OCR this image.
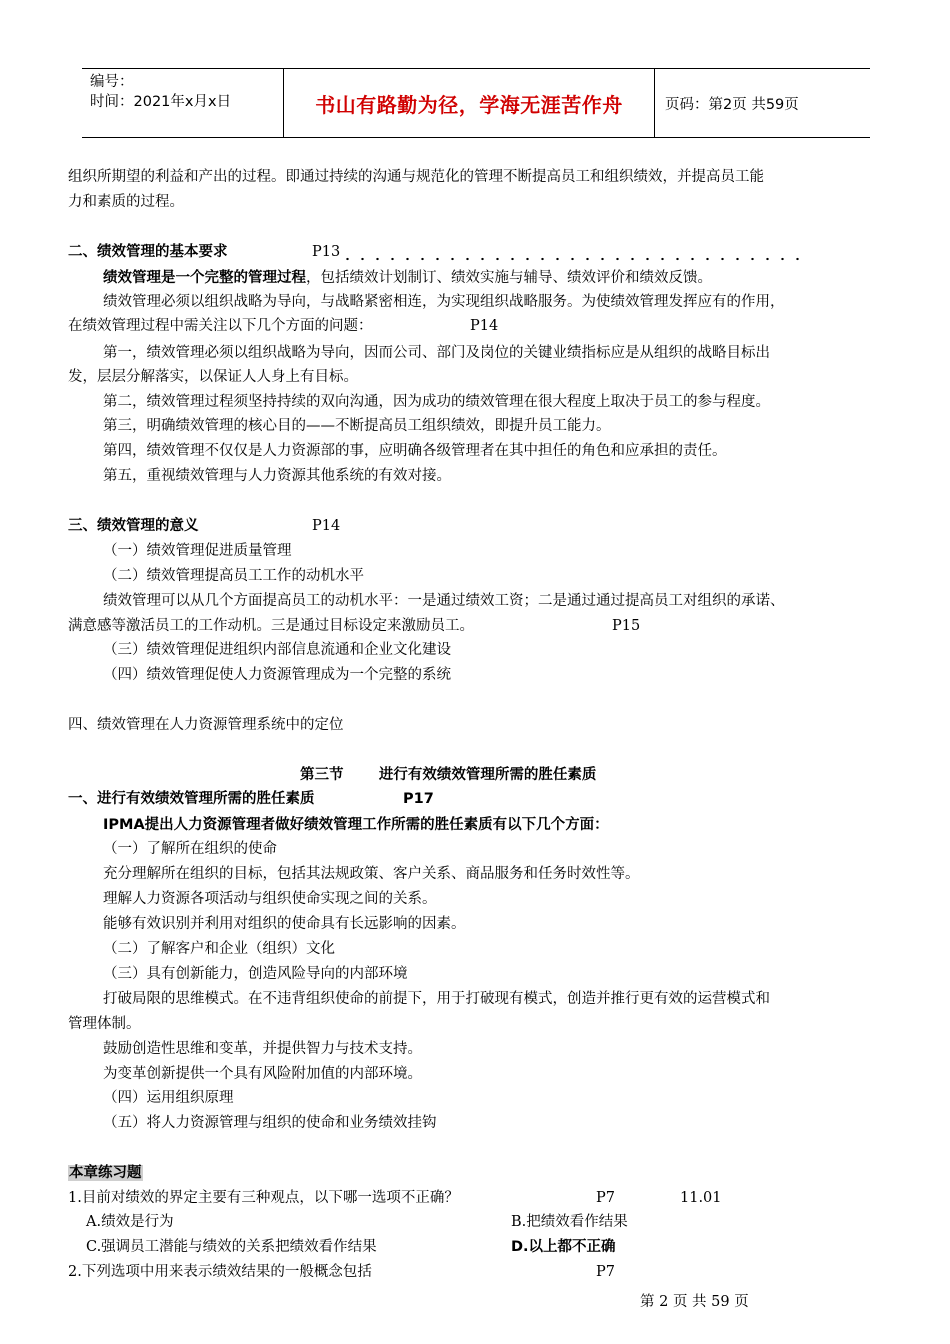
编号：
时间：2021年x月x日	书山有路勤为径，学海无涯苦作舟	页码：第2页 共59页
组织所期望的利益和产出的过程。即通过持续的沟通与规范化的管理不断提高员工和组织绩效，并提高员工能
力和素质的过程。
二、绩效管理的基本要求	P13
绩效管理是一个完整的管理过程，包括绩效计划制订、绩效实施与辅导、绩效评价和绩效反馈。
绩效管理必须以组织战略为导向，与战略紧密相连，为实现组织战略服务。为使绩效管理发挥应有的作用，
在绩效管理过程中需关注以下几个方面的问题：	P14
第一，绩效管理必须以组织战略为导向，因而公司、部门及岗位的关键业绩指标应是从组织的战略目标出
发，层层分解落实，以保证人人身上有目标。
第二，绩效管理过程须坚持持续的双向沟通，因为成功的绩效管理在很大程度上取决于员工的参与程度。
第三，明确绩效管理的核心目的——不断提高员工组织绩效，即提升员工能力。
第四，绩效管理不仅仅是人力资源部的事，应明确各级管理者在其中担任的角色和应承担的责任。
第五，重视绩效管理与人力资源其他系统的有效对接。
三、绩效管理的意义	P14
（一）绩效管理促进质量管理
（二）绩效管理提高员工工作的动机水平
绩效管理可以从几个方面提高员工的动机水平：一是通过绩效工资；二是通过通过提高员工对组织的承诺、
满意感等激活员工的工作动机。三是通过目标设定来激励员工。	P15
（三）绩效管理促进组织内部信息流通和企业文化建设
（四）绩效管理促使人力资源管理成为一个完整的系统
四、绩效管理在人力资源管理系统中的定位
第三节       进行有效绩效管理所需的胜任素质
一、进行有效绩效管理所需的胜任素质	P17
IPMA提出人力资源管理者做好绩效管理工作所需的胜任素质有以下几个方面：
（一）了解所在组织的使命
充分理解所在组织的目标，包括其法规政策、客户关系、商品服务和任务时效性等。
理解人力资源各项活动与组织使命实现之间的关系。
能够有效识别并利用对组织的使命具有长远影响的因素。
（二）了解客户和企业（组织）文化
（三）具有创新能力，创造风险导向的内部环境
打破局限的思维模式。在不违背组织使命的前提下，用于打破现有模式，创造并推行更有效的运营模式和
管理体制。
鼓励创造性思维和变革，并提供智力与技术支持。
为变革创新提供一个具有风险附加值的内部环境。
（四）运用组织原理
（五）将人力资源管理与组织的使命和业务绩效挂钩
本章练习题
1.目前对绩效的界定主要有三种观点，以下哪一选项不正确？	P7	11.01
A.绩效是行为	B.把绩效看作结果
C.强调员工潜能与绩效的关系把绩效看作结果	D.以上都不正确
2.下列选项中用来表示绩效结果的一般概念包括	P7
第 2 页 共 59 页
